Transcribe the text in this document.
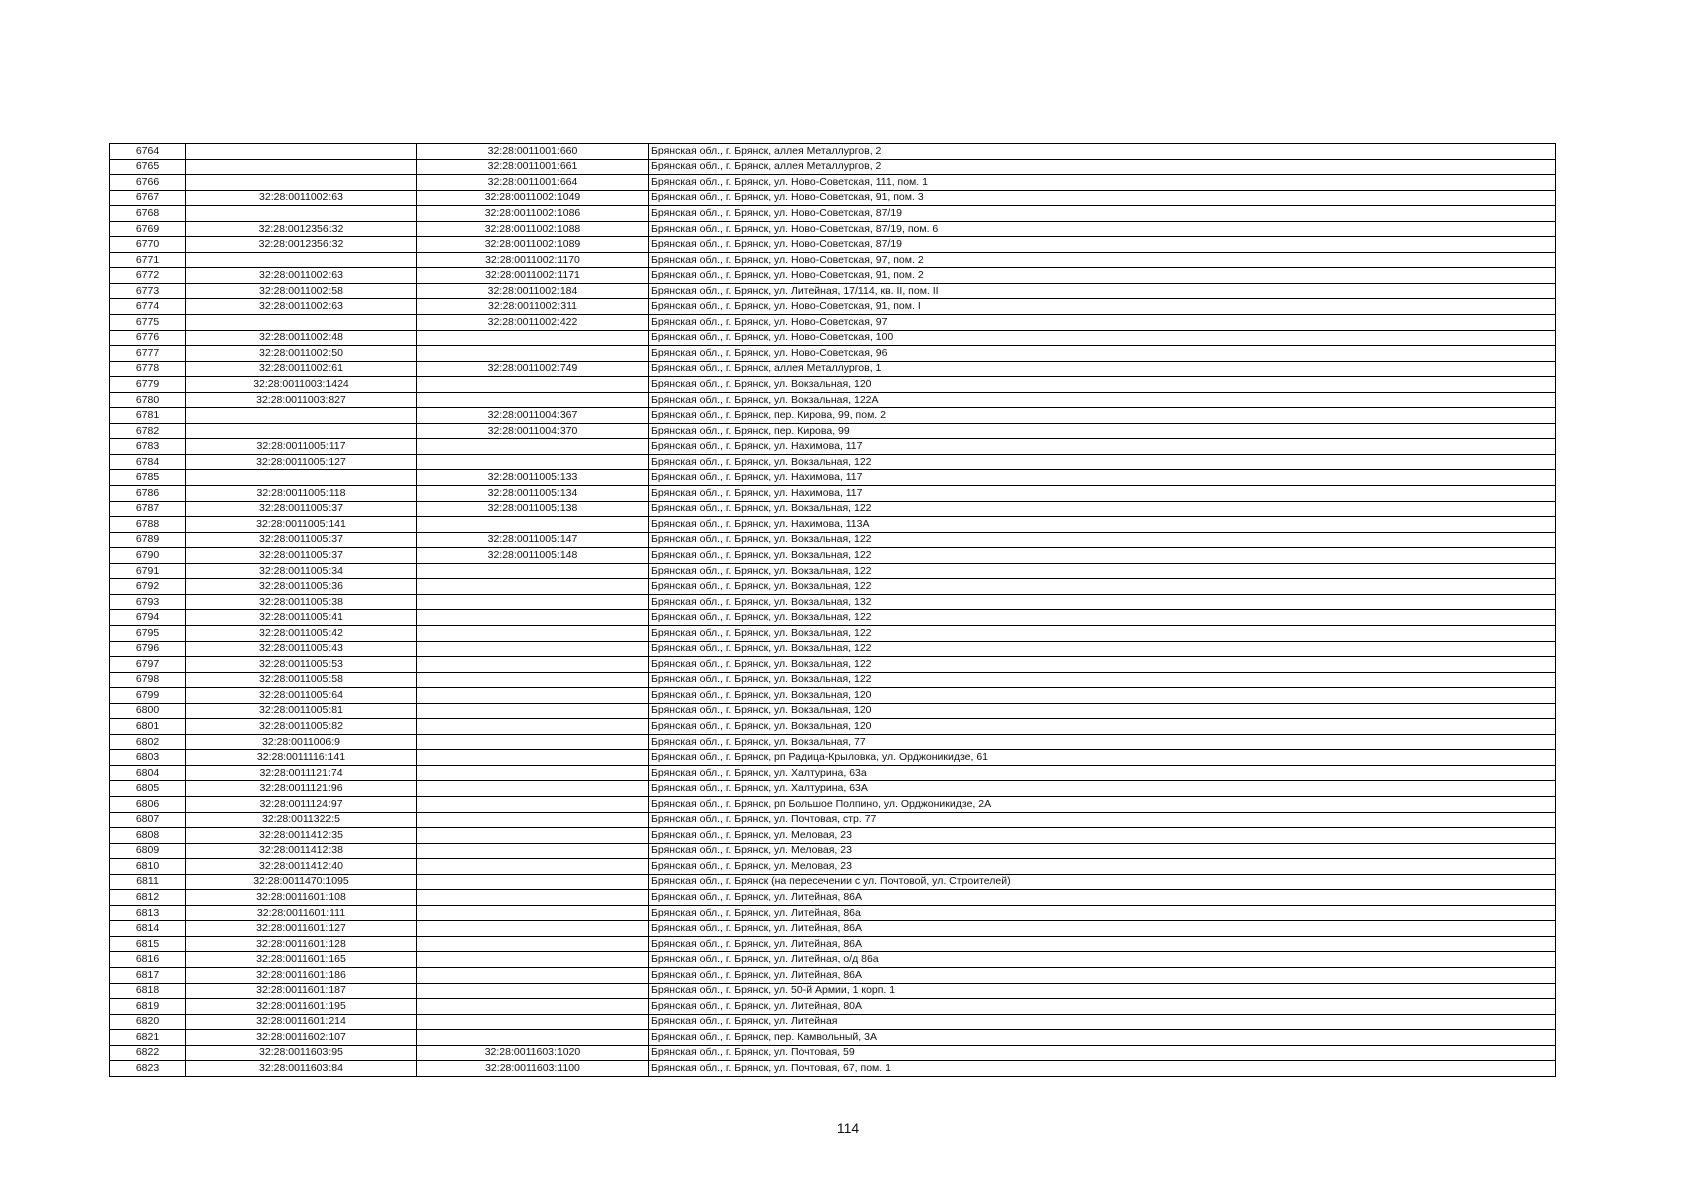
6764		32:28:0011001:660	Брянская обл., г. Брянск, аллея Металлургов, 2
6765		32:28:0011001:661	Брянская обл., г. Брянск, аллея Металлургов, 2
6766		32:28:0011001:664	Брянская обл., г. Брянск, ул. Ново-Советская, 111, пом. 1
6767	32:28:0011002:63	32:28:0011002:1049	Брянская обл., г. Брянск, ул. Ново-Советская, 91, пом. 3
6768		32:28:0011002:1086	Брянская обл., г. Брянск, ул. Ново-Советская, 87/19
6769	32:28:0012356:32	32:28:0011002:1088	Брянская обл., г. Брянск, ул. Ново-Советская, 87/19, пом. 6
6770	32:28:0012356:32	32:28:0011002:1089	Брянская обл., г. Брянск, ул. Ново-Советская, 87/19
6771		32:28:0011002:1170	Брянская обл., г. Брянск, ул. Ново-Советская, 97, пом. 2
6772	32:28:0011002:63	32:28:0011002:1171	Брянская обл., г. Брянск, ул. Ново-Советская, 91, пом. 2
6773	32:28:0011002:58	32:28:0011002:184	Брянская обл., г. Брянск, ул. Литейная, 17/114, кв. II, пом. II
6774	32:28:0011002:63	32:28:0011002:311	Брянская обл., г. Брянск, ул. Ново-Советская, 91, пом. I
6775		32:28:0011002:422	Брянская обл., г. Брянск, ул. Ново-Советская, 97
6776	32:28:0011002:48		Брянская обл., г. Брянск, ул. Ново-Советская, 100
6777	32:28:0011002:50		Брянская обл., г. Брянск, ул. Ново-Советская, 96
6778	32:28:0011002:61	32:28:0011002:749	Брянская обл., г. Брянск, аллея Металлургов, 1
6779	32:28:0011003:1424		Брянская обл., г. Брянск, ул. Вокзальная, 120
6780	32:28:0011003:827		Брянская обл., г. Брянск, ул. Вокзальная, 122А
6781		32:28:0011004:367	Брянская обл., г. Брянск, пер. Кирова, 99, пом. 2
6782		32:28:0011004:370	Брянская обл., г. Брянск, пер. Кирова, 99
6783	32:28:0011005:117		Брянская обл., г. Брянск, ул. Нахимова, 117
6784	32:28:0011005:127		Брянская обл., г. Брянск, ул. Вокзальная, 122
6785		32:28:0011005:133	Брянская обл., г. Брянск, ул. Нахимова, 117
6786	32:28:0011005:118	32:28:0011005:134	Брянская обл., г. Брянск, ул. Нахимова, 117
6787	32:28:0011005:37	32:28:0011005:138	Брянская обл., г. Брянск, ул. Вокзальная, 122
6788	32:28:0011005:141		Брянская обл., г. Брянск, ул. Нахимова, 113А
6789	32:28:0011005:37	32:28:0011005:147	Брянская обл., г. Брянск, ул. Вокзальная, 122
6790	32:28:0011005:37	32:28:0011005:148	Брянская обл., г. Брянск, ул. Вокзальная, 122
6791	32:28:0011005:34		Брянская обл., г. Брянск, ул. Вокзальная, 122
6792	32:28:0011005:36		Брянская обл., г. Брянск, ул. Вокзальная, 122
6793	32:28:0011005:38		Брянская обл., г. Брянск, ул. Вокзальная, 132
6794	32:28:0011005:41		Брянская обл., г. Брянск, ул. Вокзальная, 122
6795	32:28:0011005:42		Брянская обл., г. Брянск, ул. Вокзальная, 122
6796	32:28:0011005:43		Брянская обл., г. Брянск, ул. Вокзальная, 122
6797	32:28:0011005:53		Брянская обл., г. Брянск, ул. Вокзальная, 122
6798	32:28:0011005:58		Брянская обл., г. Брянск, ул. Вокзальная, 122
6799	32:28:0011005:64		Брянская обл., г. Брянск, ул. Вокзальная, 120
6800	32:28:0011005:81		Брянская обл., г. Брянск, ул. Вокзальная, 120
6801	32:28:0011005:82		Брянская обл., г. Брянск, ул. Вокзальная, 120
6802	32:28:0011006:9		Брянская обл., г. Брянск, ул. Вокзальная, 77
6803	32:28:0011116:141		Брянская обл., г. Брянск, рп Радица-Крыловка, ул. Орджоникидзе, 61
6804	32:28:0011121:74		Брянская обл., г. Брянск, ул. Халтурина, 63а
6805	32:28:0011121:96		Брянская обл., г. Брянск, ул. Халтурина, 63А
6806	32:28:0011124:97		Брянская обл., г. Брянск, рп Большое Полпино, ул. Орджоникидзе, 2А
6807	32:28:0011322:5		Брянская обл., г. Брянск, ул. Почтовая, стр. 77
6808	32:28:0011412:35		Брянская обл., г. Брянск, ул. Меловая, 23
6809	32:28:0011412:38		Брянская обл., г. Брянск, ул. Меловая, 23
6810	32:28:0011412:40		Брянская обл., г. Брянск, ул. Меловая, 23
6811	32:28:0011470:1095		Брянская обл., г. Брянск (на пересечении с ул. Почтовой, ул. Строителей)
6812	32:28:0011601:108		Брянская обл., г. Брянск, ул. Литейная, 86А
6813	32:28:0011601:111		Брянская обл., г. Брянск, ул. Литейная, 86а
6814	32:28:0011601:127		Брянская обл., г. Брянск, ул. Литейная, 86А
6815	32:28:0011601:128		Брянская обл., г. Брянск, ул. Литейная, 86А
6816	32:28:0011601:165		Брянская обл., г. Брянск, ул. Литейная, о/д 86а
6817	32:28:0011601:186		Брянская обл., г. Брянск, ул. Литейная, 86А
6818	32:28:0011601:187		Брянская обл., г. Брянск, ул. 50-й Армии, 1 корп. 1
6819	32:28:0011601:195		Брянская обл., г. Брянск, ул. Литейная, 80А
6820	32:28:0011601:214		Брянская обл., г. Брянск, ул. Литейная
6821	32:28:0011602:107		Брянская обл., г. Брянск, пер. Камвольный, 3А
6822	32:28:0011603:95	32:28:0011603:1020	Брянская обл., г. Брянск, ул. Почтовая, 59
6823	32:28:0011603:84	32:28:0011603:1100	Брянская обл., г. Брянск, ул. Почтовая, 67, пом. 1
114
